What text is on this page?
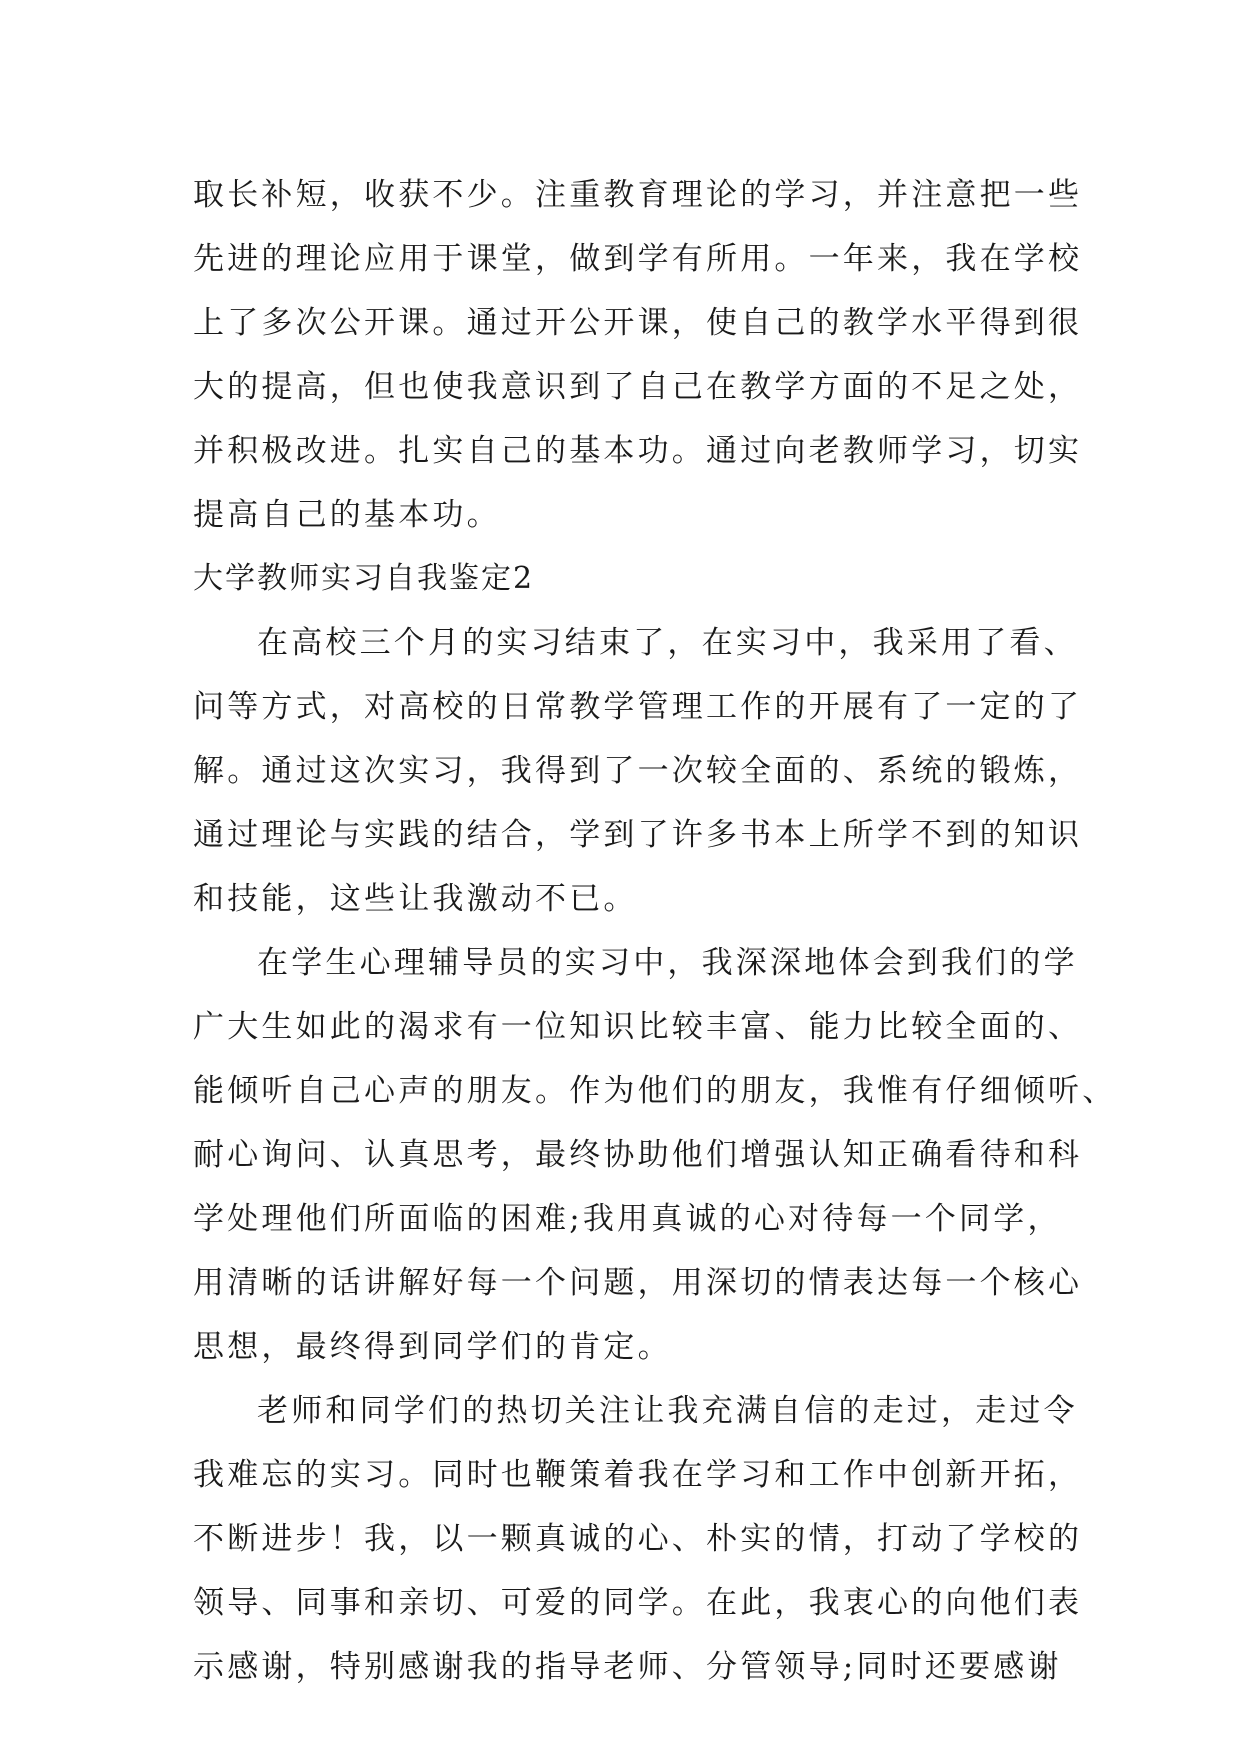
取长补短，收获不少。注重教育理论的学习，并注意把一些
先进的理论应用于课堂，做到学有所用。一年来，我在学校
上了多次公开课。通过开公开课，使自己的教学水平得到很
大的提高，但也使我意识到了自己在教学方面的不足之处，
并积极改进。扎实自己的基本功。通过向老教师学习，切实
提高自己的基本功。
大学教师实习自我鉴定2
在高校三个月的实习结束了，在实习中，我采用了看、
问等方式，对高校的日常教学管理工作的开展有了一定的了
解。通过这次实习，我得到了一次较全面的、系统的锻炼，
通过理论与实践的结合，学到了许多书本上所学不到的知识
和技能，这些让我激动不已。
在学生心理辅导员的实习中，我深深地体会到我们的学
广大生如此的渴求有一位知识比较丰富、能力比较全面的、
能倾听自己心声的朋友。作为他们的朋友，我惟有仔细倾听、
耐心询问、认真思考，最终协助他们增强认知正确看待和科
学处理他们所面临的困难;我用真诚的心对待每一个同学，
用清晰的话讲解好每一个问题，用深切的情表达每一个核心
思想，最终得到同学们的肯定。
老师和同学们的热切关注让我充满自信的走过，走过令
我难忘的实习。同时也鞭策着我在学习和工作中创新开拓，
不断进步！我，以一颗真诚的心、朴实的情，打动了学校的
领导、同事和亲切、可爱的同学。在此，我衷心的向他们表
示感谢，特别感谢我的指导老师、分管领导;同时还要感谢
